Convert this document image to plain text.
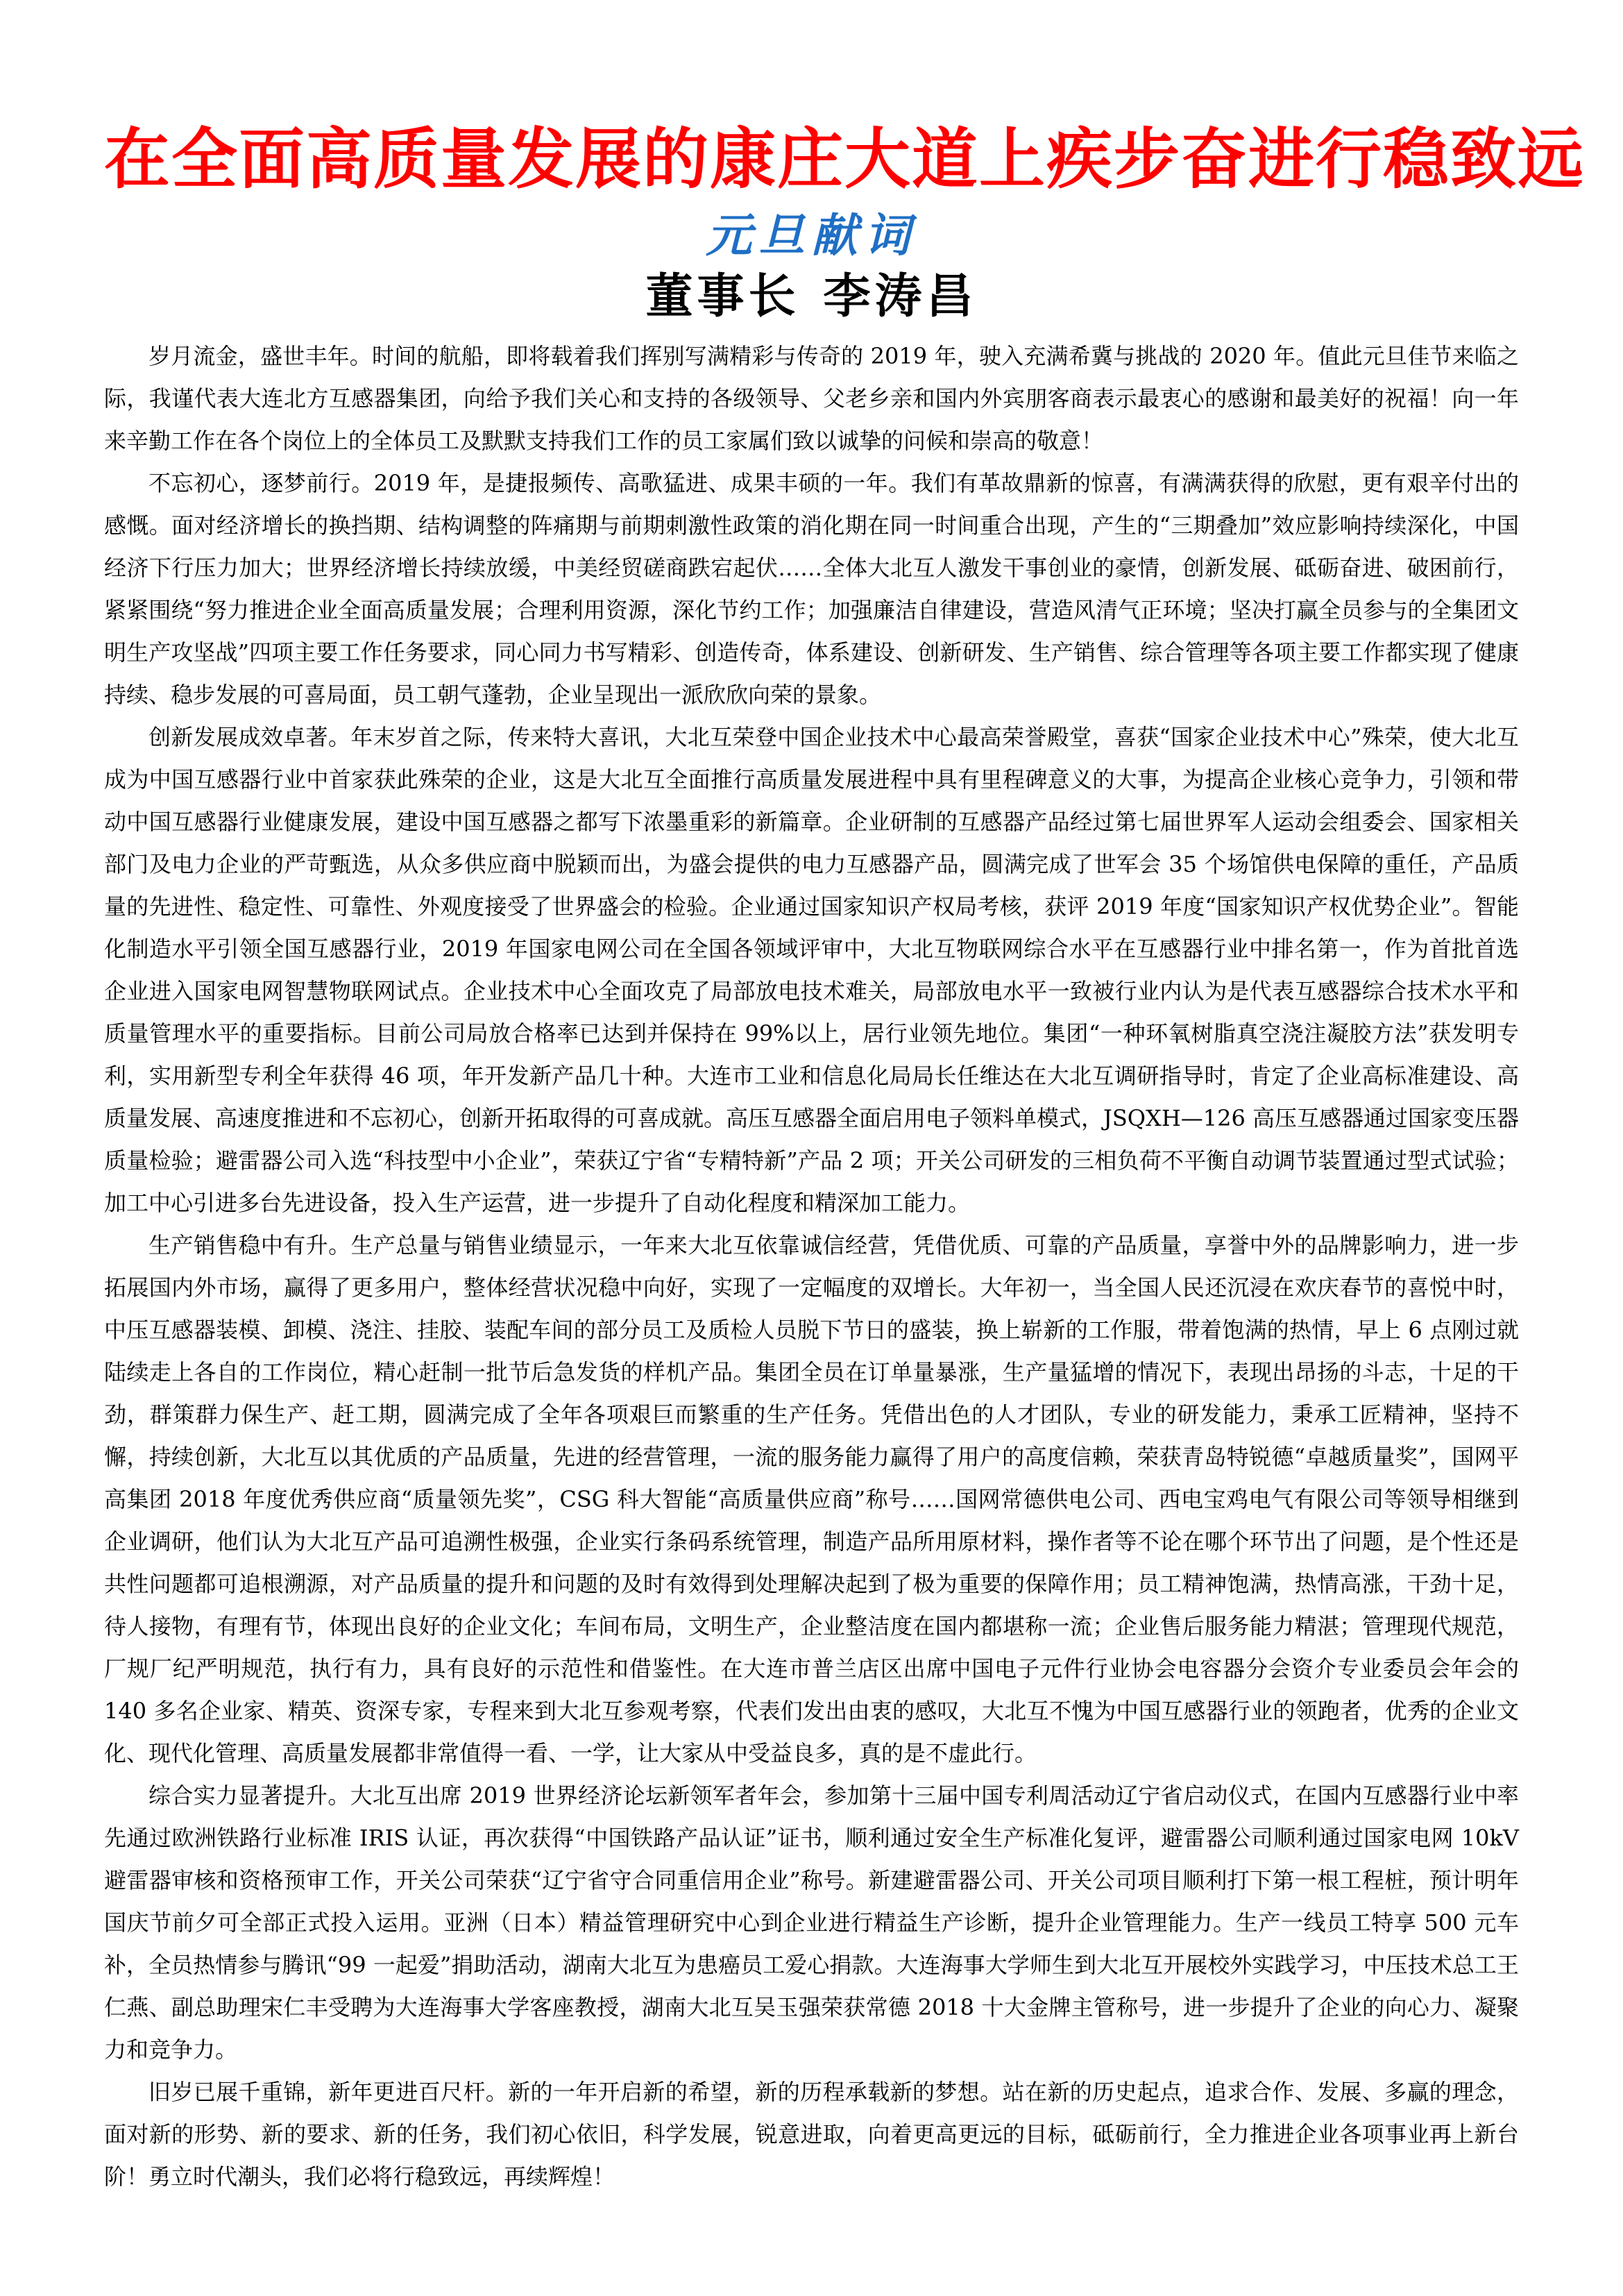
在全面高质量发展的康庄大道上疾步奋进行稳致远
元旦献词
董事长 李涛昌

岁月流金，盛世丰年。时间的航船，即将载着我们挥别写满精彩与传奇的 2019 年，驶入充满希冀与挑战的 2020 年。值此元旦佳节来临之际，我谨代表大连北方互感器集团，向给予我们关心和支持的各级领导、父老乡亲和国内外宾朋客商表示最衷心的感谢和最美好的祝福！向一年来辛勤工作在各个岗位上的全体员工及默默支持我们工作的员工家属们致以诚挚的问候和崇高的敬意！

不忘初心，逐梦前行。2019 年，是捷报频传、高歌猛进、成果丰硕的一年。我们有革故鼎新的惊喜，有满满获得的欣慰，更有艰辛付出的感慨。面对经济增长的换挡期、结构调整的阵痛期与前期刺激性政策的消化期在同一时间重合出现，产生的“三期叠加”效应影响持续深化，中国经济下行压力加大；世界经济增长持续放缓，中美经贸磋商跌宕起伏……全体大北互人激发干事创业的豪情，创新发展、砥砺奋进、破困前行，紧紧围绕“努力推进企业全面高质量发展；合理利用资源，深化节约工作；加强廉洁自律建设，营造风清气正环境；坚决打赢全员参与的全集团文明生产攻坚战”四项主要工作任务要求，同心同力书写精彩、创造传奇，体系建设、创新研发、生产销售、综合管理等各项主要工作都实现了健康持续、稳步发展的可喜局面，员工朝气蓬勃，企业呈现出一派欣欣向荣的景象。

创新发展成效卓著。年末岁首之际，传来特大喜讯，大北互荣登中国企业技术中心最高荣誉殿堂，喜获“国家企业技术中心”殊荣，使大北互成为中国互感器行业中首家获此殊荣的企业，这是大北互全面推行高质量发展进程中具有里程碑意义的大事，为提高企业核心竞争力，引领和带动中国互感器行业健康发展，建设中国互感器之都写下浓墨重彩的新篇章。企业研制的互感器产品经过第七届世界军人运动会组委会、国家相关部门及电力企业的严苛甄选，从众多供应商中脱颖而出，为盛会提供的电力互感器产品，圆满完成了世军会 35 个场馆供电保障的重任，产品质量的先进性、稳定性、可靠性、外观度接受了世界盛会的检验。企业通过国家知识产权局考核，获评 2019 年度“国家知识产权优势企业”。智能化制造水平引领全国互感器行业，2019 年国家电网公司在全国各领域评审中，大北互物联网综合水平在互感器行业中排名第一，作为首批首选企业进入国家电网智慧物联网试点。企业技术中心全面攻克了局部放电技术难关，局部放电水平一致被行业内认为是代表互感器综合技术水平和质量管理水平的重要指标。目前公司局放合格率已达到并保持在 99%以上，居行业领先地位。集团“一种环氧树脂真空浇注凝胶方法”获发明专利，实用新型专利全年获得 46 项，年开发新产品几十种。大连市工业和信息化局局长任维达在大北互调研指导时，肯定了企业高标准建设、高质量发展、高速度推进和不忘初心，创新开拓取得的可喜成就。高压互感器全面启用电子领料单模式，JSQXH—126 高压互感器通过国家变压器质量检验；避雷器公司入选“科技型中小企业”，荣获辽宁省“专精特新”产品 2 项；开关公司研发的三相负荷不平衡自动调节装置通过型式试验；加工中心引进多台先进设备，投入生产运营，进一步提升了自动化程度和精深加工能力。

生产销售稳中有升。生产总量与销售业绩显示，一年来大北互依靠诚信经营，凭借优质、可靠的产品质量，享誉中外的品牌影响力，进一步拓展国内外市场，赢得了更多用户，整体经营状况稳中向好，实现了一定幅度的双增长。大年初一，当全国人民还沉浸在欢庆春节的喜悦中时，中压互感器装模、卸模、浇注、挂胶、装配车间的部分员工及质检人员脱下节日的盛装，换上崭新的工作服，带着饱满的热情，早上 6 点刚过就陆续走上各自的工作岗位，精心赶制一批节后急发货的样机产品。集团全员在订单量暴涨，生产量猛增的情况下，表现出昂扬的斗志，十足的干劲，群策群力保生产、赶工期，圆满完成了全年各项艰巨而繁重的生产任务。凭借出色的人才团队，专业的研发能力，秉承工匠精神，坚持不懈，持续创新，大北互以其优质的产品质量，先进的经营管理，一流的服务能力赢得了用户的高度信赖，荣获青岛特锐德“卓越质量奖”，国网平高集团 2018 年度优秀供应商“质量领先奖”，CSG 科大智能“高质量供应商”称号……国网常德供电公司、西电宝鸡电气有限公司等领导相继到企业调研，他们认为大北互产品可追溯性极强，企业实行条码系统管理，制造产品所用原材料，操作者等不论在哪个环节出了问题，是个性还是共性问题都可追根溯源，对产品质量的提升和问题的及时有效得到处理解决起到了极为重要的保障作用；员工精神饱满，热情高涨，干劲十足，待人接物，有理有节，体现出良好的企业文化；车间布局，文明生产，企业整洁度在国内都堪称一流；企业售后服务能力精湛；管理现代规范，厂规厂纪严明规范，执行有力，具有良好的示范性和借鉴性。在大连市普兰店区出席中国电子元件行业协会电容器分会资介专业委员会年会的 140 多名企业家、精英、资深专家，专程来到大北互参观考察，代表们发出由衷的感叹，大北互不愧为中国互感器行业的领跑者，优秀的企业文化、现代化管理、高质量发展都非常值得一看、一学，让大家从中受益良多，真的是不虚此行。

综合实力显著提升。大北互出席 2019 世界经济论坛新领军者年会，参加第十三届中国专利周活动辽宁省启动仪式，在国内互感器行业中率先通过欧洲铁路行业标准 IRIS 认证，再次获得“中国铁路产品认证”证书，顺利通过安全生产标准化复评，避雷器公司顺利通过国家电网 10kV 避雷器审核和资格预审工作，开关公司荣获“辽宁省守合同重信用企业”称号。新建避雷器公司、开关公司项目顺利打下第一根工程桩，预计明年国庆节前夕可全部正式投入运用。亚洲（日本）精益管理研究中心到企业进行精益生产诊断，提升企业管理能力。生产一线员工特享 500 元车补，全员热情参与腾讯“99 一起爱”捐助活动，湖南大北互为患癌员工爱心捐款。大连海事大学师生到大北互开展校外实践学习，中压技术总工王仁燕、副总助理宋仁丰受聘为大连海事大学客座教授，湖南大北互吴玉强荣获常德 2018 十大金牌主管称号，进一步提升了企业的向心力、凝聚力和竞争力。

旧岁已展千重锦，新年更进百尺杆。新的一年开启新的希望，新的历程承载新的梦想。站在新的历史起点，追求合作、发展、多赢的理念，面对新的形势、新的要求、新的任务，我们初心依旧，科学发展，锐意进取，向着更高更远的目标，砥砺前行，全力推进企业各项事业再上新台阶！勇立时代潮头，我们必将行稳致远，再续辉煌！
